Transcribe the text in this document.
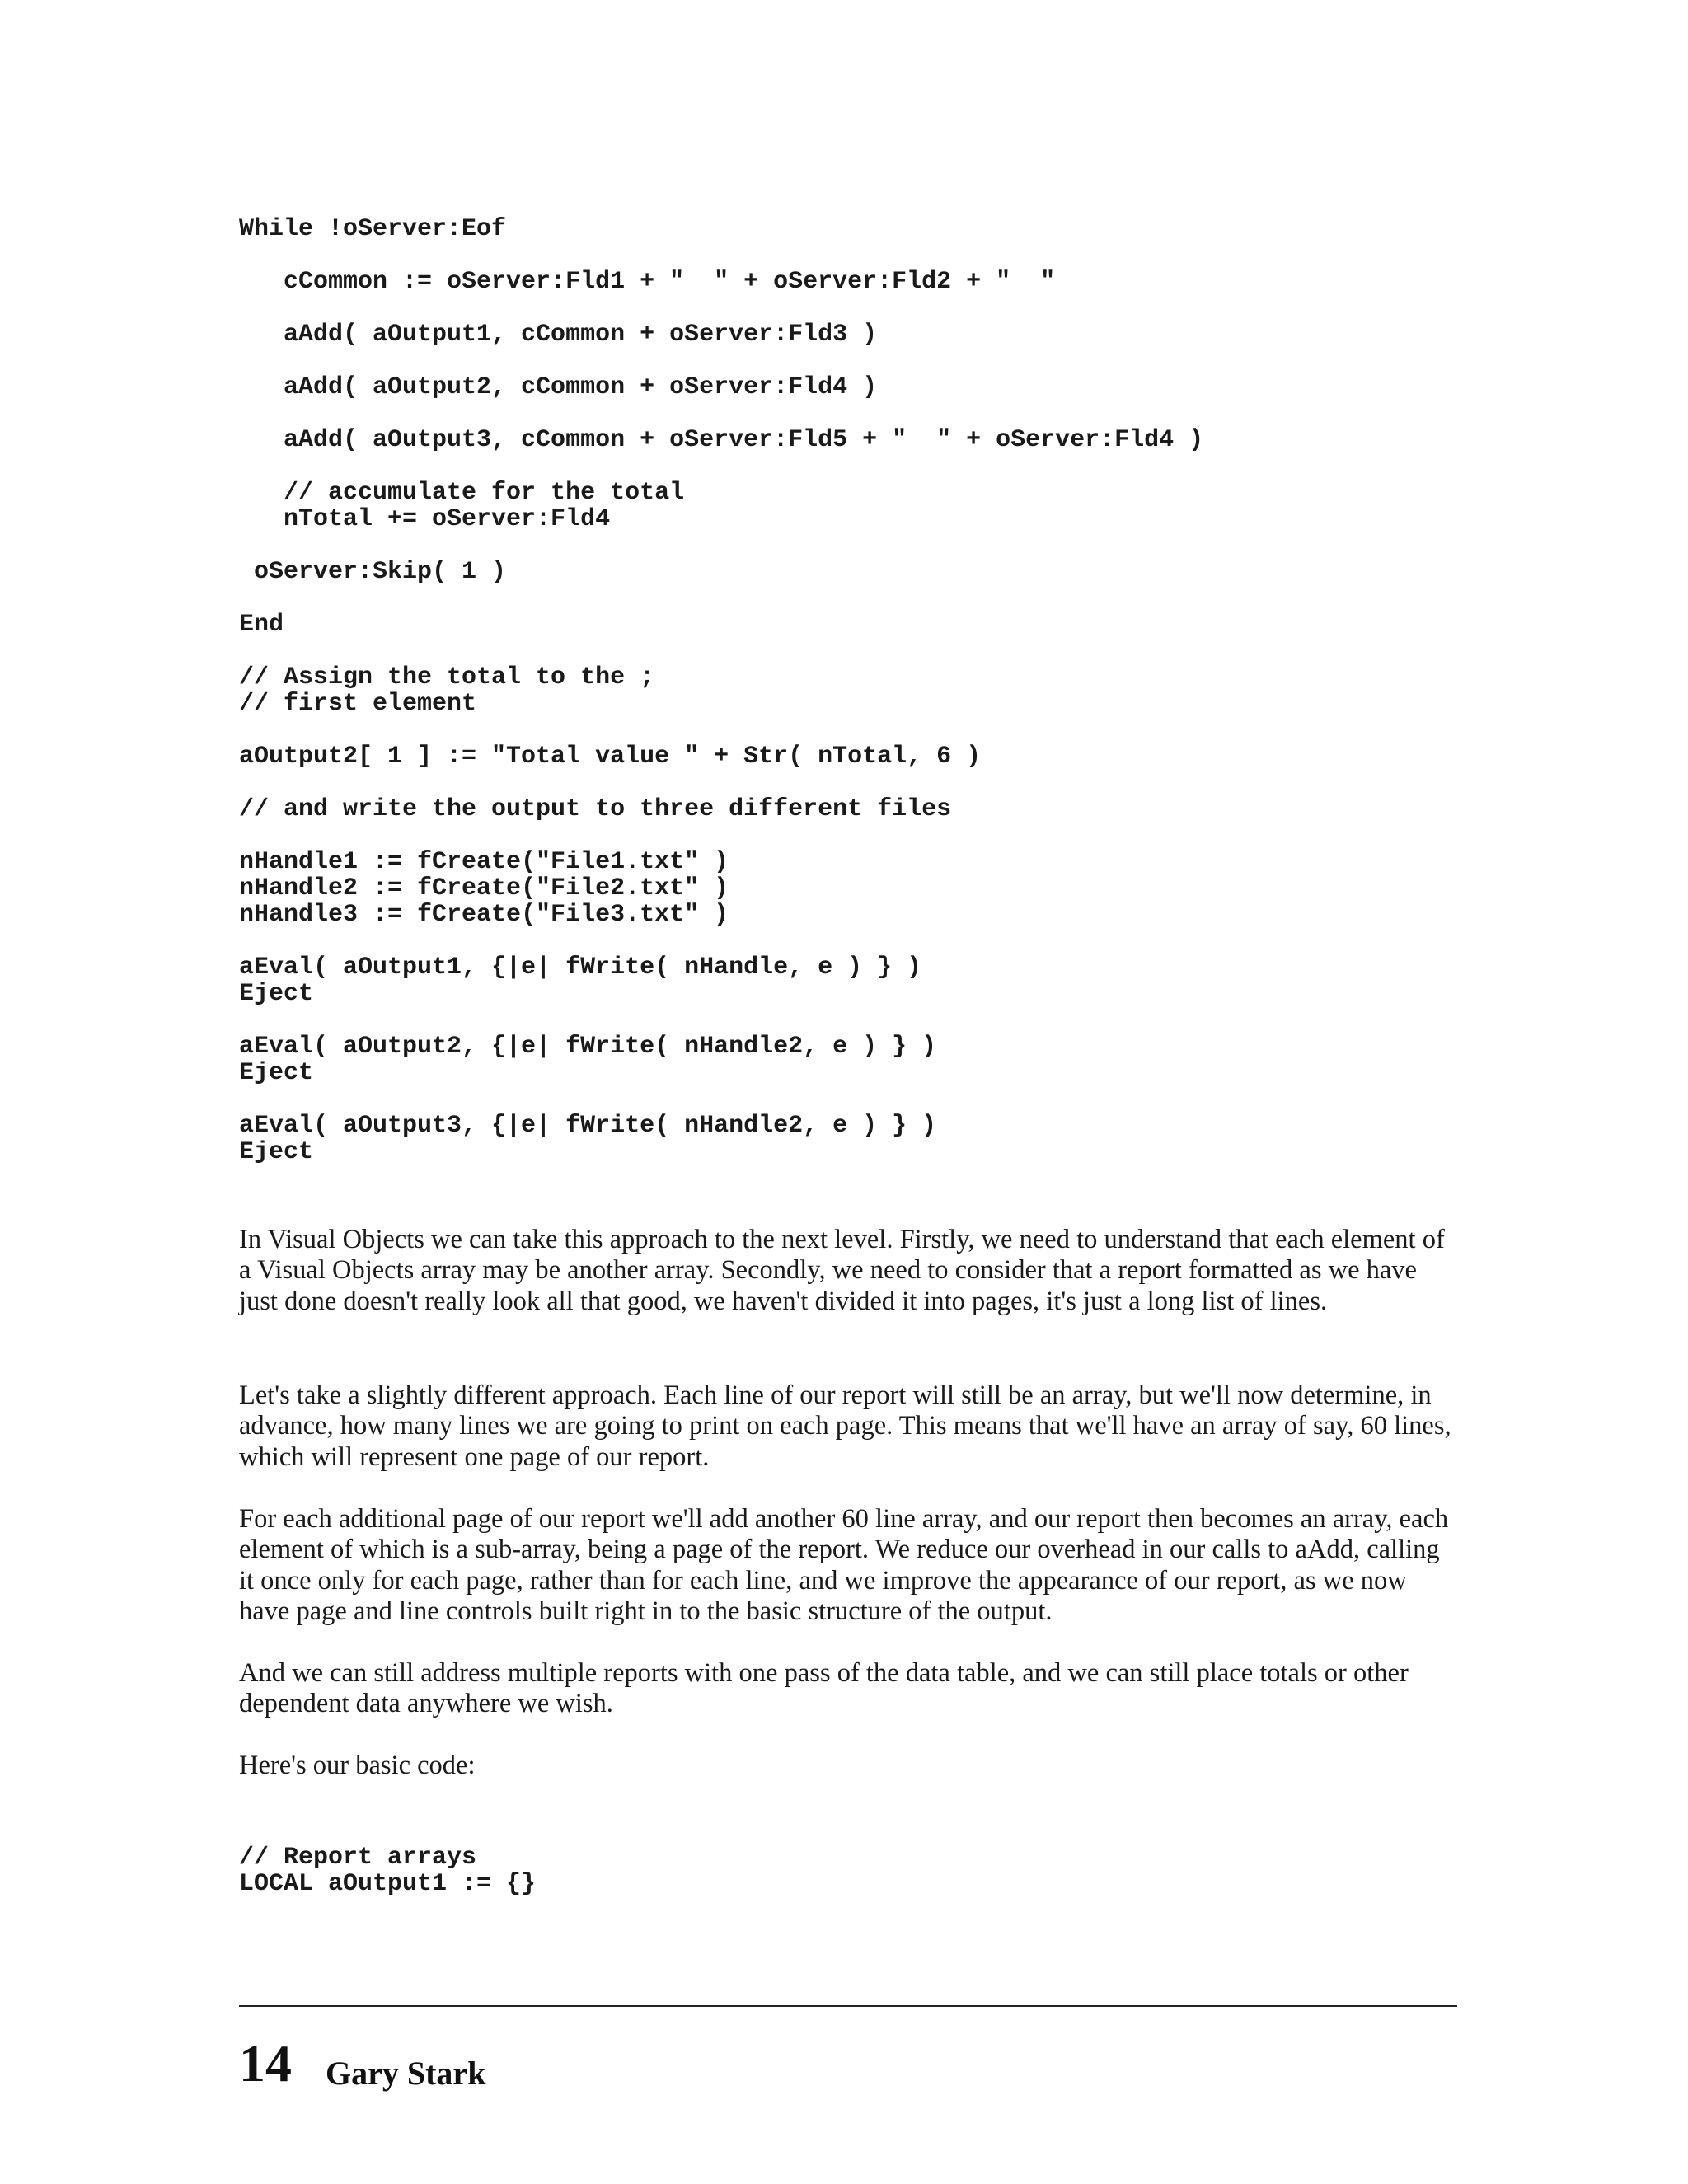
While !oServer:Eof
cCommon := oServer:Fld1 + "  " + oServer:Fld2 + "  "
aAdd( aOutput1, cCommon + oServer:Fld3 )
aAdd( aOutput2, cCommon + oServer:Fld4 )
aAdd( aOutput3, cCommon + oServer:Fld5 + "  " + oServer:Fld4 )
// accumulate for the total
nTotal += oServer:Fld4
oServer:Skip( 1 )
End
// Assign the total to the ;
// first element
aOutput2[ 1 ] := "Total value " + Str( nTotal, 6 )
// and write the output to three different files
nHandle1 := fCreate("File1.txt" )
nHandle2 := fCreate("File2.txt" )
nHandle3 := fCreate("File3.txt" )
aEval( aOutput1, {|e| fWrite( nHandle, e ) } )
Eject
aEval( aOutput2, {|e| fWrite( nHandle2, e ) } )
Eject
aEval( aOutput3, {|e| fWrite( nHandle2, e ) } )
Eject
In Visual Objects we can take this approach to the next level. Firstly, we need to understand that each element of a Visual Objects array may be another array. Secondly, we need to consider that a report formatted as we have just done doesn't really look all that good, we haven't divided it into pages, it's just a long list of lines.
Let's take a slightly different approach. Each line of our report will still be an array, but we'll now determine, in advance, how many lines we are going to print on each page. This means that we'll have an array of say, 60 lines, which will represent one page of our report.
For each additional page of our report we'll add another 60 line array, and our report then becomes an array, each element of which is a sub-array, being a page of the report. We reduce our overhead in our calls to aAdd, calling it once only for each page, rather than for each line, and we improve the appearance of our report, as we now have page and line controls built right in to the basic structure of the output.
And we can still address multiple reports with one pass of the data table, and we can still place totals or other dependent data anywhere we wish.
Here's our basic code:
// Report arrays
LOCAL aOutput1 := {}
14 Gary Stark
